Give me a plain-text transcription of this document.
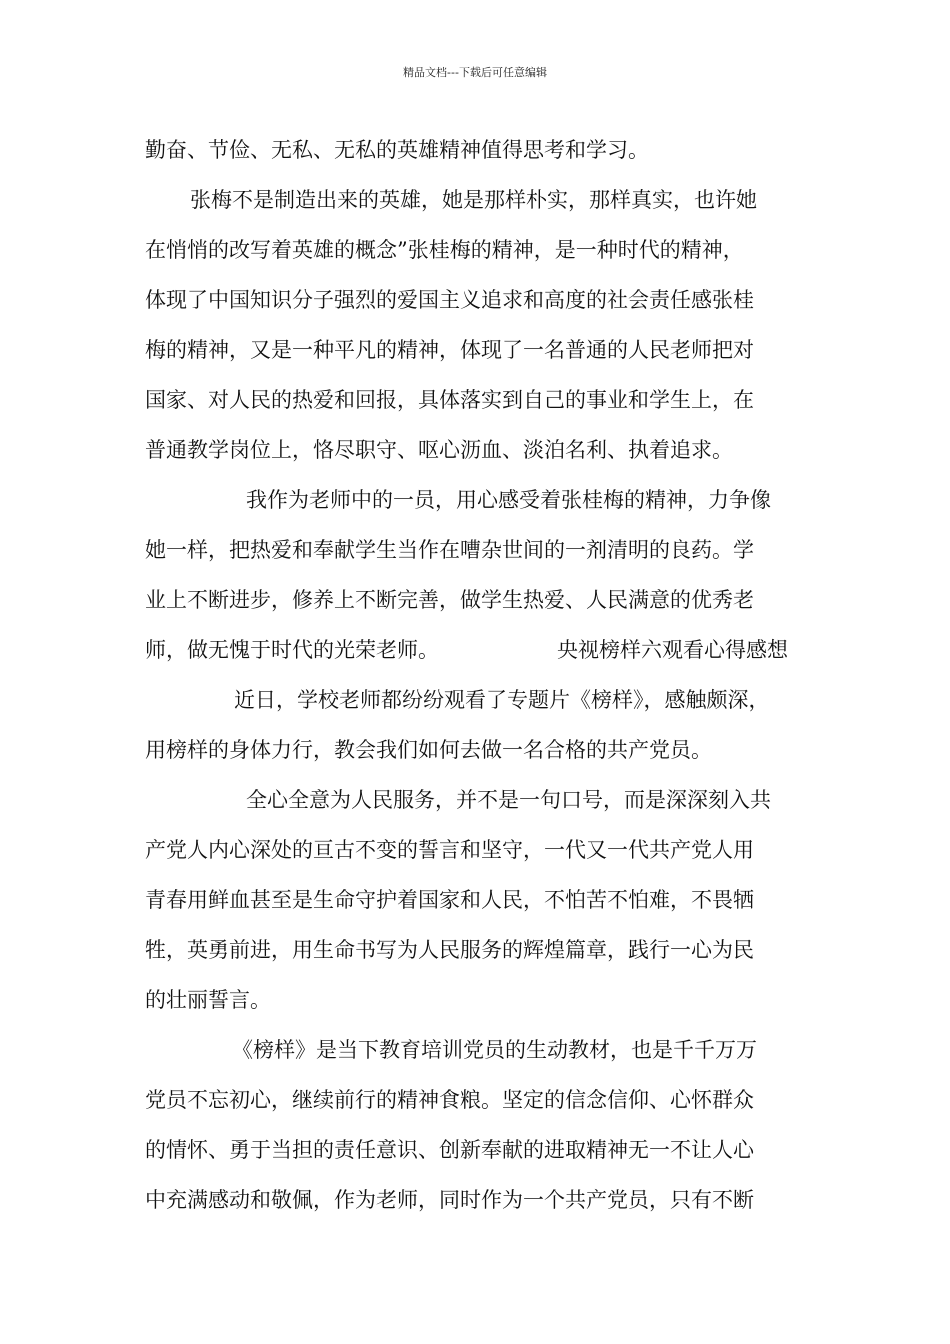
精品文档---下载后可任意编辑
勤奋、节俭、无私、无私的英雄精神值得思考和学习。
张梅不是制造出来的英雄，她是那样朴实，那样真实，也许她
在悄悄的改写着英雄的概念”张桂梅的精神，是一种时代的精神，
体现了中国知识分子强烈的爱国主义追求和高度的社会责任感张桂
梅的精神，又是一种平凡的精神，体现了一名普通的人民老师把对
国家、对人民的热爱和回报，具体落实到自己的事业和学生上，在
普通教学岗位上，恪尽职守、呕心沥血、淡泊名利、执着追求。
我作为老师中的一员，用心感受着张桂梅的精神，力争像
她一样，把热爱和奉献学生当作在嘈杂世间的一剂清明的良药。学
业上不断进步，修养上不断完善，做学生热爱、人民满意的优秀老
师，做无愧于时代的光荣老师。	央视榜样六观看心得感想
近日，学校老师都纷纷观看了专题片《榜样》，感触颇深，
用榜样的身体力行，教会我们如何去做一名合格的共产党员。
全心全意为人民服务，并不是一句口号，而是深深刻入共
产党人内心深处的亘古不变的誓言和坚守，一代又一代共产党人用
青春用鲜血甚至是生命守护着国家和人民，不怕苦不怕难，不畏牺
牲，英勇前进，用生命书写为人民服务的辉煌篇章，践行一心为民
的壮丽誓言。
《榜样》是当下教育培训党员的生动教材，也是千千万万
党员不忘初心，继续前行的精神食粮。坚定的信念信仰、心怀群众
的情怀、勇于当担的责任意识、创新奉献的进取精神无一不让人心
中充满感动和敬佩，作为老师，同时作为一个共产党员，只有不断
